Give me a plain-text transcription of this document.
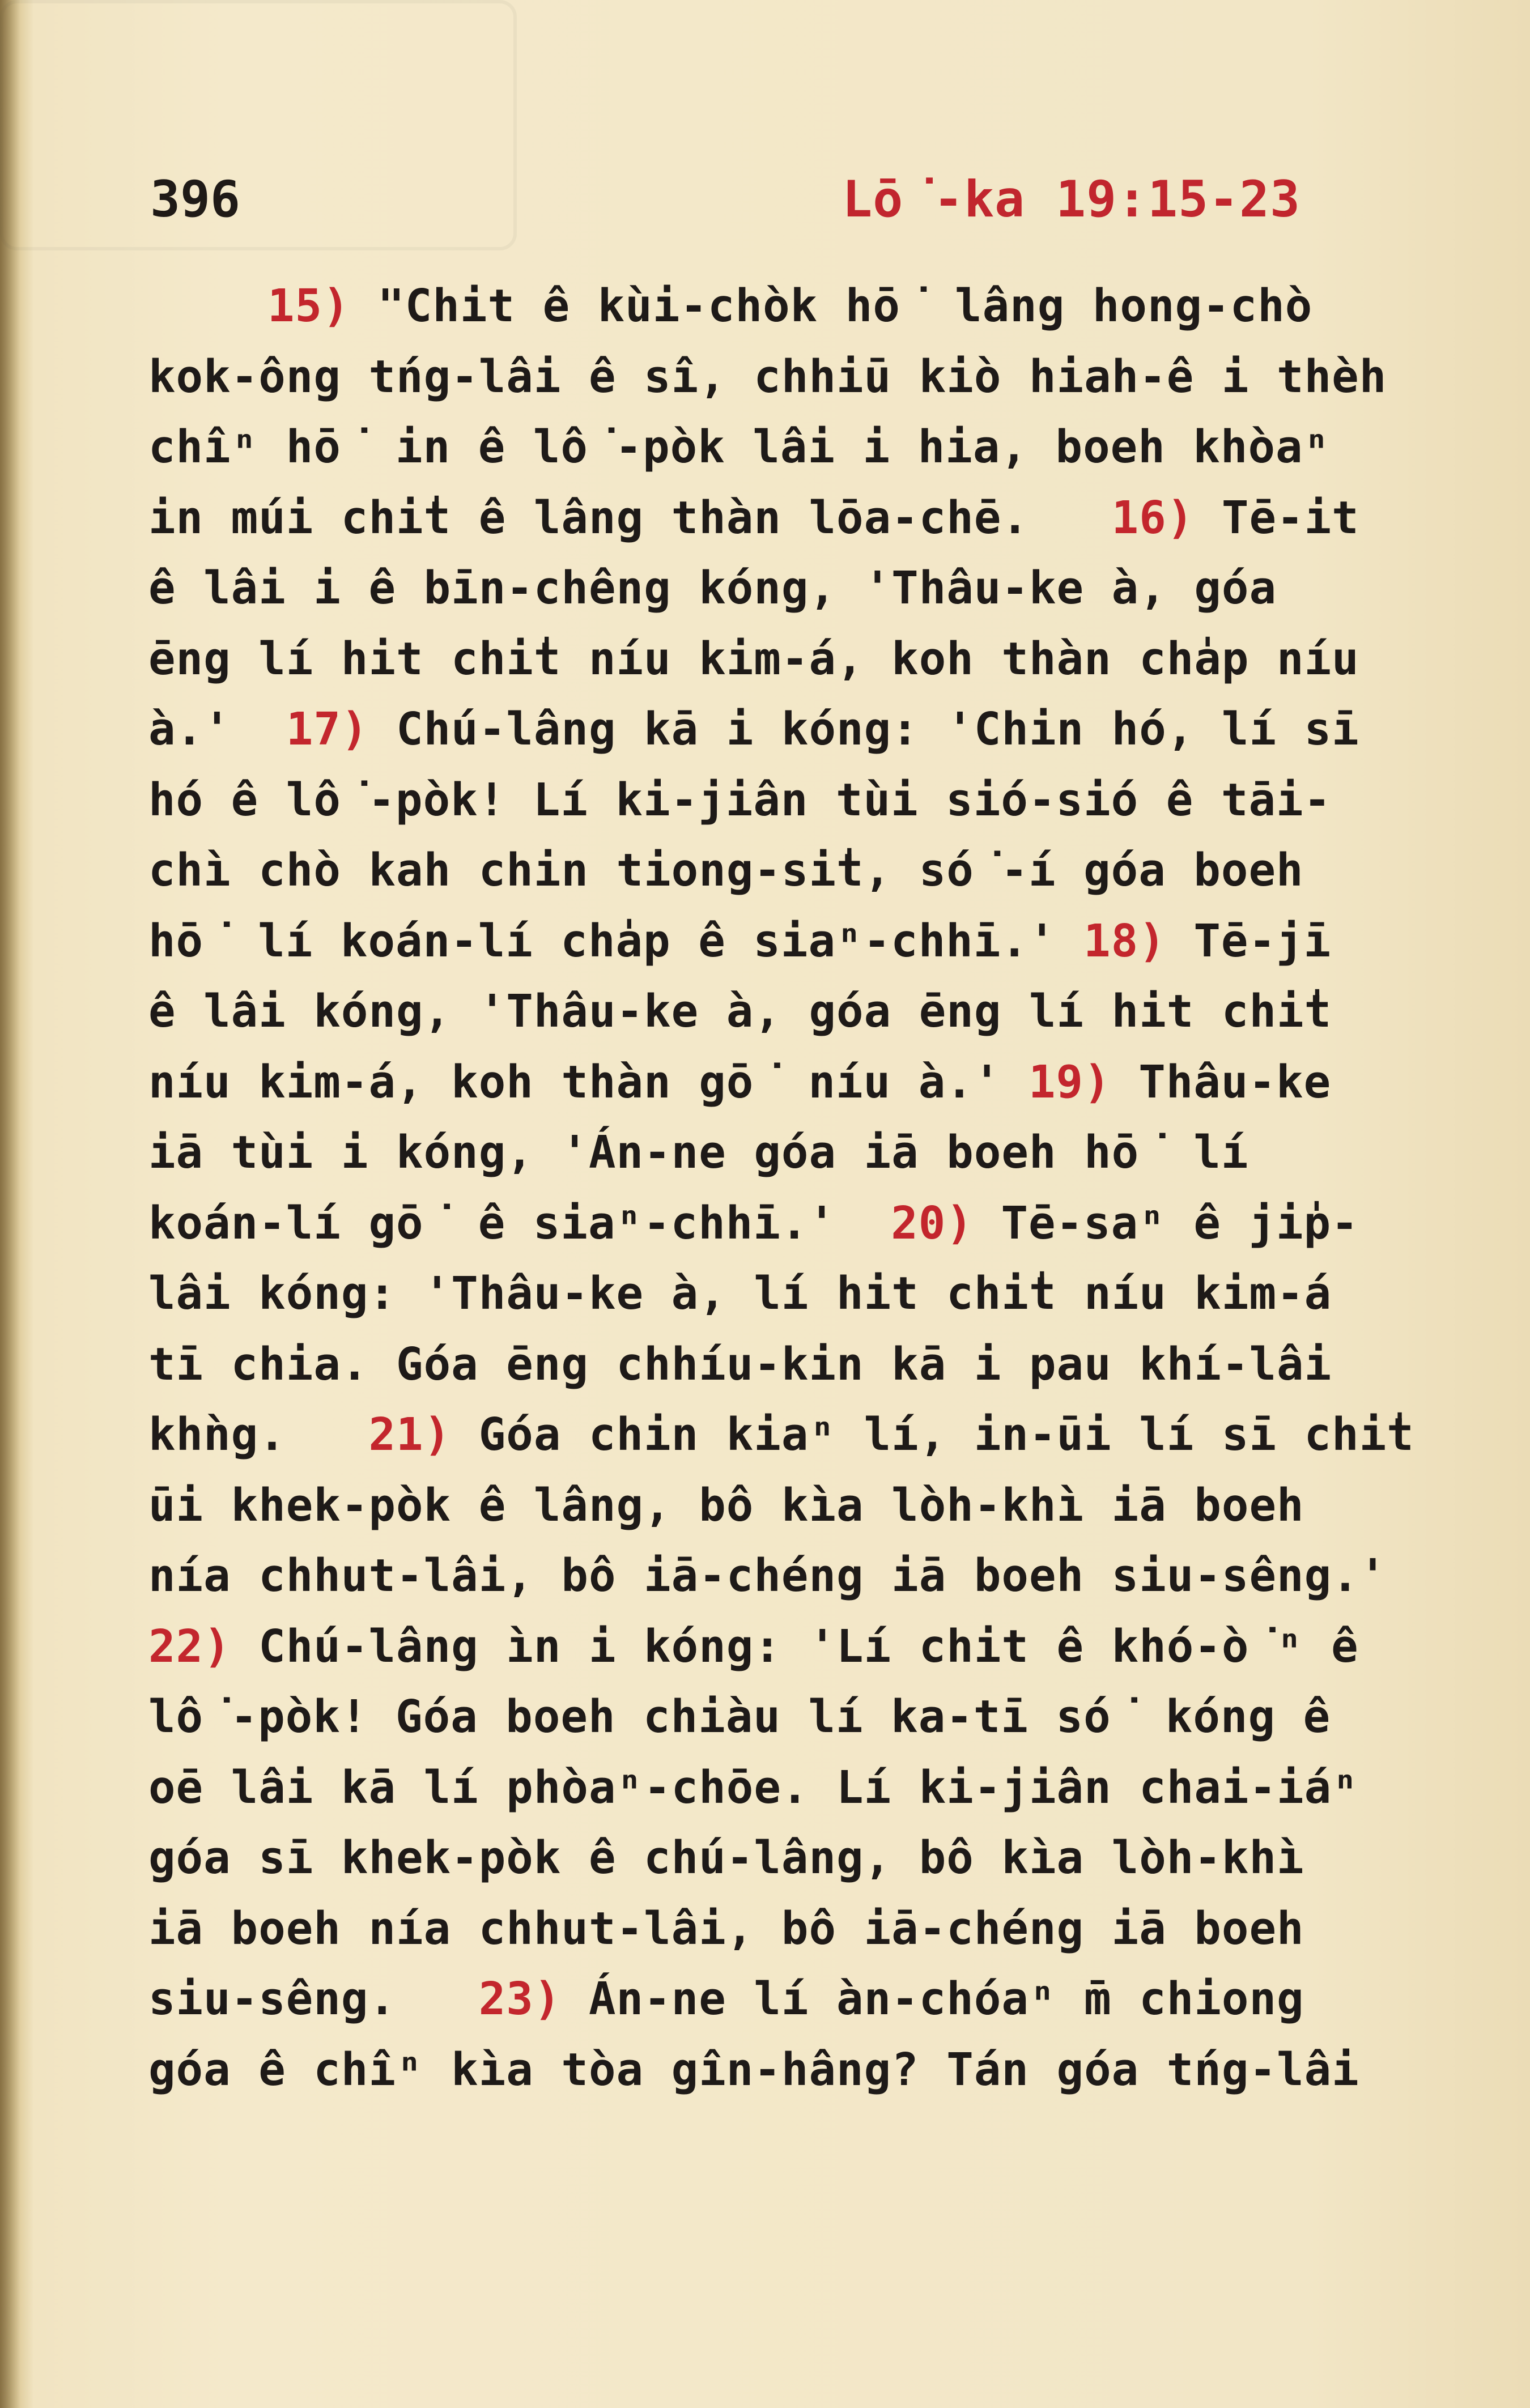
396	Lō͘-ka 19:15-23
15) "Chit ê kùi-chòk hō͘ lâng hong-chò
kok-ông tńg-lâi ê sî, chhiū kiò hiah-ê i thèh
chîⁿ hō͘ in ê lô͘-pòk lâi i hia, boeh khòaⁿ
in múi chi̍t ê lâng thàn lōa-chē. 16) Tē-it
ê lâi i ê bīn-chêng kóng, 'Thâu-ke à, góa
ēng lí hit chi̍t níu kim-á, koh thàn cha̍p níu
à.' 17) Chú-lâng kā i kóng: 'Chin hó, lí sī
hó ê lô͘-pòk! Lí ki-jiân tùi sió-sió ê tāi-
chì chò kah chin tiong-si̍t, só͘-í góa boeh
hō͘ lí koán-lí cha̍p ê siaⁿ-chhī.' 18) Tē-jī
ê lâi kóng, 'Thâu-ke à, góa ēng lí hit chi̍t
níu kim-á, koh thàn gō͘ níu à.' 19) Thâu-ke
iā tùi i kóng, 'Án-ne góa iā boeh hō͘ lí
koán-lí gō͘ ê siaⁿ-chhī.' 20) Tē-saⁿ ê ji̍p-
lâi kóng: 'Thâu-ke à, lí hit chi̍t níu kim-á
tī chia. Góa ēng chhíu-kin kā i pau khí-lâi
khǹg. 21) Góa chin kiaⁿ lí, in-ūi lí sī chi̍t
ūi khek-pòk ê lâng, bô kìa lòh-khì iā boeh
nía chhut-lâi, bô iā-chéng iā boeh siu-sêng.'
22) Chú-lâng ìn i kóng: 'Lí chit ê khó-ò͘ⁿ ê
lô͘-pòk! Góa boeh chiàu lí ka-tī só͘ kóng ê
oē lâi kā lí phòaⁿ-chōe. Lí ki-jiân chai-iáⁿ
góa sī khek-pòk ê chú-lâng, bô kìa lòh-khì
iā boeh nía chhut-lâi, bô iā-chéng iā boeh
siu-sêng. 23) Án-ne lí àn-chóaⁿ m̄ chiong
góa ê chîⁿ kìa tòa gîn-hâng? Tán góa tńg-lâi
